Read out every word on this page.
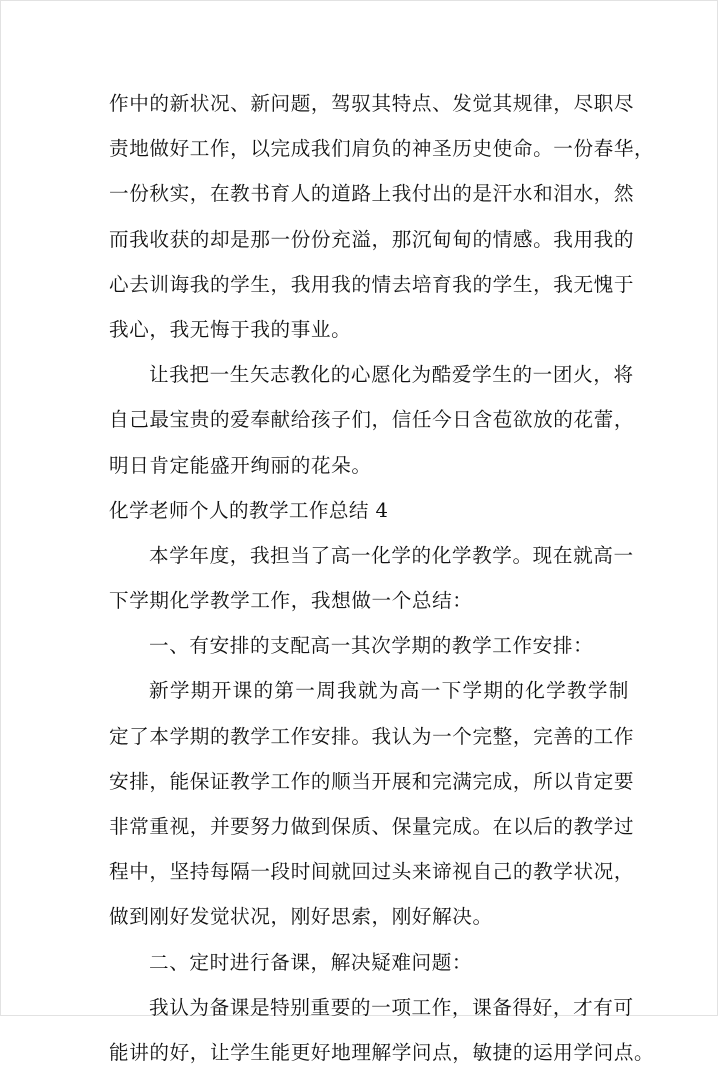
作中的新状况、新问题，驾驭其特点、发觉其规律，尽职尽

责地做好工作，以完成我们肩负的神圣历史使命。一份春华，

一份秋实，在教书育人的道路上我付出的是汗水和泪水，然

而我收获的却是那一份份充溢，那沉甸甸的情感。我用我的

心去训诲我的学生，我用我的情去培育我的学生，我无愧于

我心，我无悔于我的事业。

让我把一生矢志教化的心愿化为酷爱学生的一团火，将

自己最宝贵的爱奉献给孩子们，信任今日含苞欲放的花蕾，

明日肯定能盛开绚丽的花朵。

化学老师个人的教学工作总结 4

本学年度，我担当了高一化学的化学教学。现在就高一

下学期化学教学工作，我想做一个总结：

一、有安排的支配高一其次学期的教学工作安排：

新学期开课的第一周我就为高一下学期的化学教学制

定了本学期的教学工作安排。我认为一个完整，完善的工作

安排，能保证教学工作的顺当开展和完满完成，所以肯定要

非常重视，并要努力做到保质、保量完成。在以后的教学过

程中，坚持每隔一段时间就回过头来谛视自己的教学状况，

做到刚好发觉状况，刚好思索，刚好解决。

二、定时进行备课，解决疑难问题：

我认为备课是特别重要的一项工作，课备得好，才有可

能讲的好，让学生能更好地理解学问点，敏捷的运用学问点。
